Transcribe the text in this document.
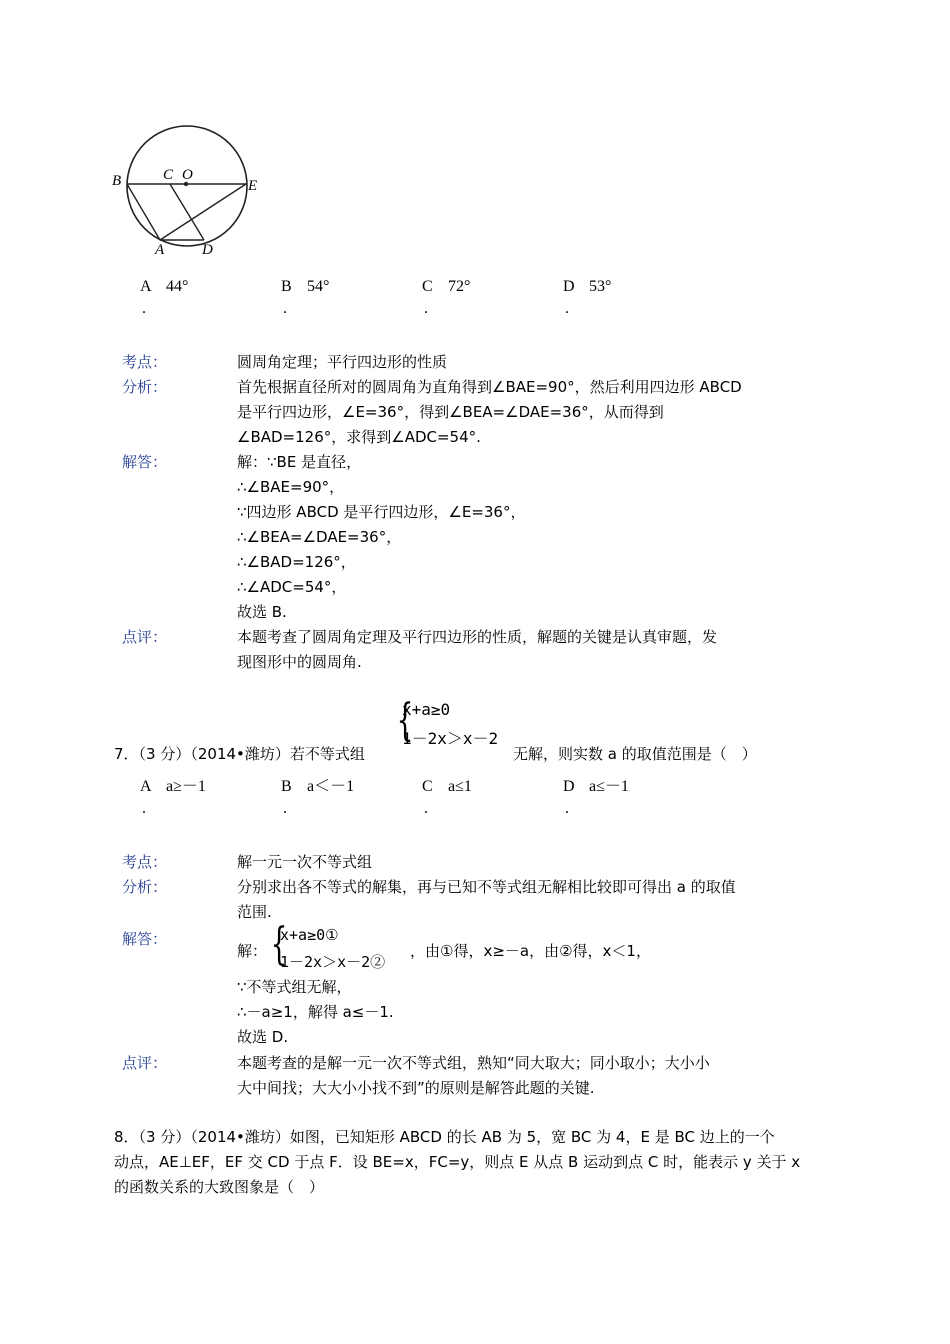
B	C O
E
A	D
A 44°	B 54°	C 72°	D 53°
.	.	.	.
考点：	圆周角定理；平行四边形的性质
分析：	首先根据直径所对的圆周角为直角得到∠BAE=90°，然后利用四边形 ABCD
是平行四边形，∠E=36°，得到∠BEA=∠DAE=36°，从而得到
∠BAD=126°，求得到∠ADC=54°.
解答：	解：∵BE 是直径，
∴∠BAE=90°，
∵四边形 ABCD 是平行四边形，∠E=36°，
∴∠BEA=∠DAE=36°，
∴∠BAD=126°，
∴∠ADC=54°，
故选 B.
点评：	本题考查了圆周角定理及平行四边形的性质，解题的关键是认真审题，发
现图形中的圆周角.
7．（3 分）（2014•潍坊）若不等式组
{
x+a≥0
1－2x＞x－2
无解，则实数 a 的取值范围是（　）
A a≥－1	B a＜－1	C a≤1	D a≤－1
.	.	.	.
考点：	解一元一次不等式组
分析：	分别求出各不等式的解集，再与已知不等式组无解相比较即可得出 a 的取值
范围.
解答：
解： {
x+a≥0①
1－2x＞x－2②
，由①得，x≥－a，由②得，x＜1，
∵不等式组无解，
∴－a≥1，解得 a≤－1.
故选 D.
点评：	本题考查的是解一元一次不等式组，熟知“同大取大；同小取小；大小小
大中间找；大大小小找不到”的原则是解答此题的关键.
8．（3 分）（2014•潍坊）如图，已知矩形 ABCD 的长 AB 为 5，宽 BC 为 4，E 是 BC 边上的一个
动点，AE⊥EF，EF 交 CD 于点 F．设 BE=x，FC=y，则点 E 从点 B 运动到点 C 时，能表示 y 关于 x
的函数关系的大致图象是（　）
